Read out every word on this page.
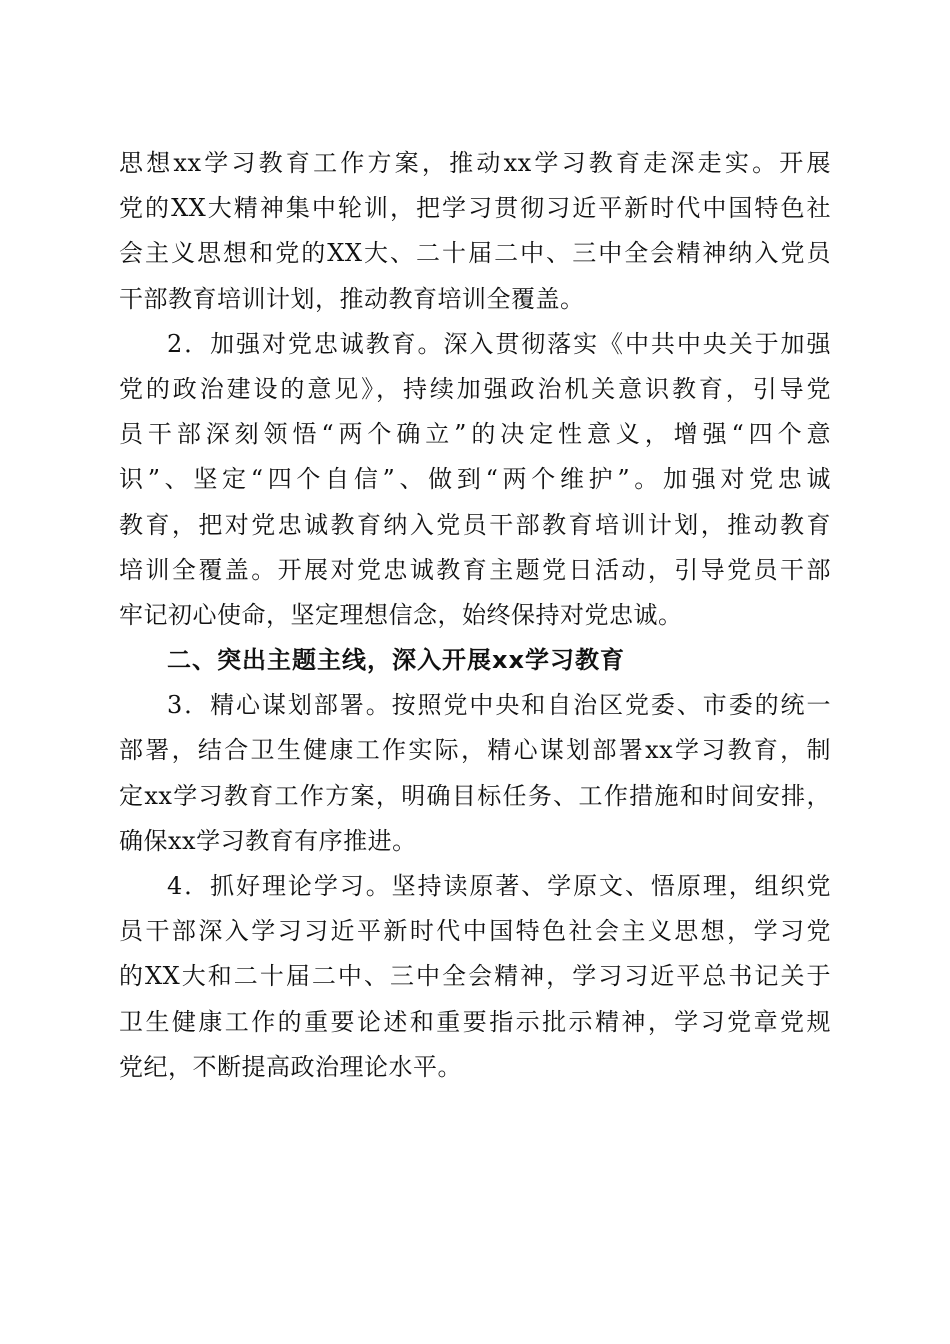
思想xx学习教育工作方案，推动xx学习教育走深走实。开展
党的XX大精神集中轮训，把学习贯彻习近平新时代中国特色社
会主义思想和党的XX大、二十届二中、三中全会精神纳入党员
干部教育培训计划，推动教育培训全覆盖。
2．加强对党忠诚教育。深入贯彻落实《中共中央关于加强
党的政治建设的意见》，持续加强政治机关意识教育，引导党
员干部深刻领悟“两个确立”的决定性意义，增强“四个意
识”、坚定“四个自信”、做到“两个维护”。加强对党忠诚
教育，把对党忠诚教育纳入党员干部教育培训计划，推动教育
培训全覆盖。开展对党忠诚教育主题党日活动，引导党员干部
牢记初心使命，坚定理想信念，始终保持对党忠诚。
二、突出主题主线，深入开展xx学习教育
3．精心谋划部署。按照党中央和自治区党委、市委的统一
部署，结合卫生健康工作实际，精心谋划部署xx学习教育，制
定xx学习教育工作方案，明确目标任务、工作措施和时间安排，
确保xx学习教育有序推进。
4．抓好理论学习。坚持读原著、学原文、悟原理，组织党
员干部深入学习习近平新时代中国特色社会主义思想，学习党
的XX大和二十届二中、三中全会精神，学习习近平总书记关于
卫生健康工作的重要论述和重要指示批示精神，学习党章党规
党纪，不断提高政治理论水平。
